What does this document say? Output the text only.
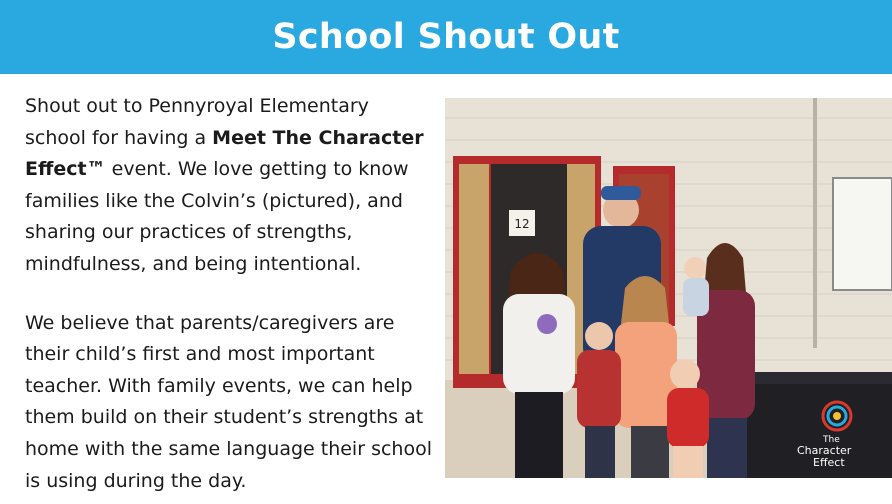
School Shout Out

Shout out to Pennyroyal Elementary school for having a Meet The Character Effect™ event. We love getting to know families like the Colvin’s (pictured), and sharing our practices of strengths, mindfulness, and being intentional.

We believe that parents/caregivers are their child’s first and most important teacher. With family events, we can help them build on their student’s strengths at home with the same language their school is using during the day.

12
The
Character
Effect
